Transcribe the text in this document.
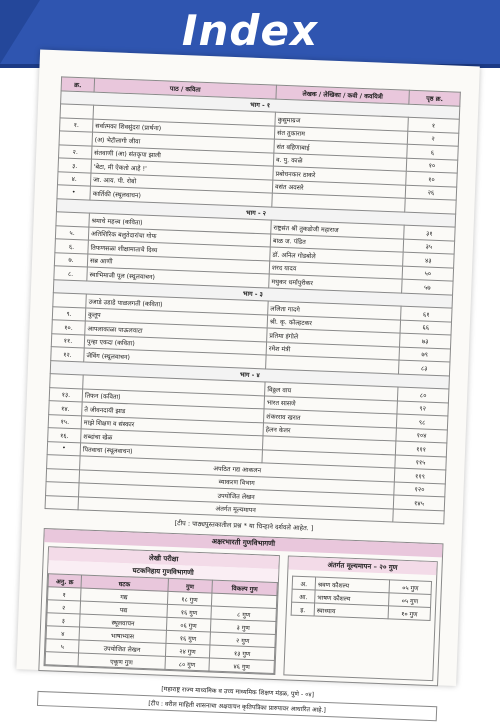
Index
क्र.	पाठ / कविता	लेखक / लेखिका / कवी / कवयित्री	पृष्ठ क्र.
भाग - १			
		कुसुमाग्रज	१
१.	सर्वात्मका शिवसुंदरा (प्रार्थना)	संत तुकाराम	२
	(अ) भेटीलागी जीवा	संत बहिणाबाई	६
२.	संतवाणी (आ) संतकृपा झाली	व. पु. काळे	१०
३.	'बेटा, मी ऐकतो आहे !'	प्रबोधनकार ठाकरे	१०
४.	जा. आय. पी. रोबो	वसंत अवसरे	२६
•	कार्तिकी (स्थूलवाचन)		
भाग - २			
	श्रमाचे महत्त्व (कविता)	राष्ट्रसंत श्री तुकडोजी महाराज	३१
५.	अतिशिरिक बलुतेदारांचा गोफ	बाळ ज. पंडित	३५
६.	तिफणसळा शीक्षामाताचे दिव्य	डॉ. अनिल गोडबोले	४३
७.	सब्र आणी	शरद यादव	५०
८.	स्वाभिमाजी पूल (स्थूलवाचन)	मधुकर धर्मापुरीकर	५७
भाग - ३			
	उजाडे उडाडे पाळलगती (कविता)	ललिता गादगे	६१
९.	कुलूप	श्री. कृ. कोल्हटकर	६६
१०.	आपलाकाळा पाऊलवाटा	प्रतिमा इंगोले	७३
११.	पुन्हा एकदा (कविता)	रमेश मंत्री	७९
१२.	जेविंग (स्थूलवाचन)		८३
भाग - ४			
		विठ्ठल वाघ	८०
१३.	तिफन (कविता)	भारत सासणे	९२
१४.	ते जीवनदायी झाड	शंकरराव खरात	९८
१५.	माझे शिक्षण व संस्कार	हेलन केलर	१०४
१६.	शब्दांचा खेळ		१११
•	पितवाचा (स्थूलवाचन)		११५
	अपठित गद्य आकलन		११९
	व्याकरण विभाग		१२०
	उपयोजित लेखन		१४५
	अंतर्गत मूल्यमापन		
[टीप : पाठ्यपुस्तकातील प्रश्न * या चिन्हाने दर्शवले आहेत. ]
अक्षरभारती गुणविभागणी
लेखी परीक्षा
घटकनिहाय गुणविभागणी
अनु. क्र	घटक	गुण	विकल्प गुण
१	गद्य	१८ गुण	
२	पद्य	१६ गुण	८ गुण
३	स्थूलवाचन	०६ गुण	३ गुण
४	भाषाभ्यास	१६ गुण	२ गुण
५	उपयोजित लेखन	२४ गुण	१३ गुण
	एकूण गुण	८० गुण	४६ गुण
अंतर्गत मूल्यमापन – २० गुण
अ.	श्रवण कौशल्य	०५ गुण
आ.	भाषण कौशल्य	०५ गुण
इ.	स्वाध्याय	१० गुण
[महाराष्ट्र राज्य माध्यमिक व उच्च माध्यमिक शिक्षण मंडळ, पुणे - ०४]
[टीप : वरील माहिती शासनाचा अक्षवाचन कृतिपत्रिका प्रारुपावर आधारित आहे.]
